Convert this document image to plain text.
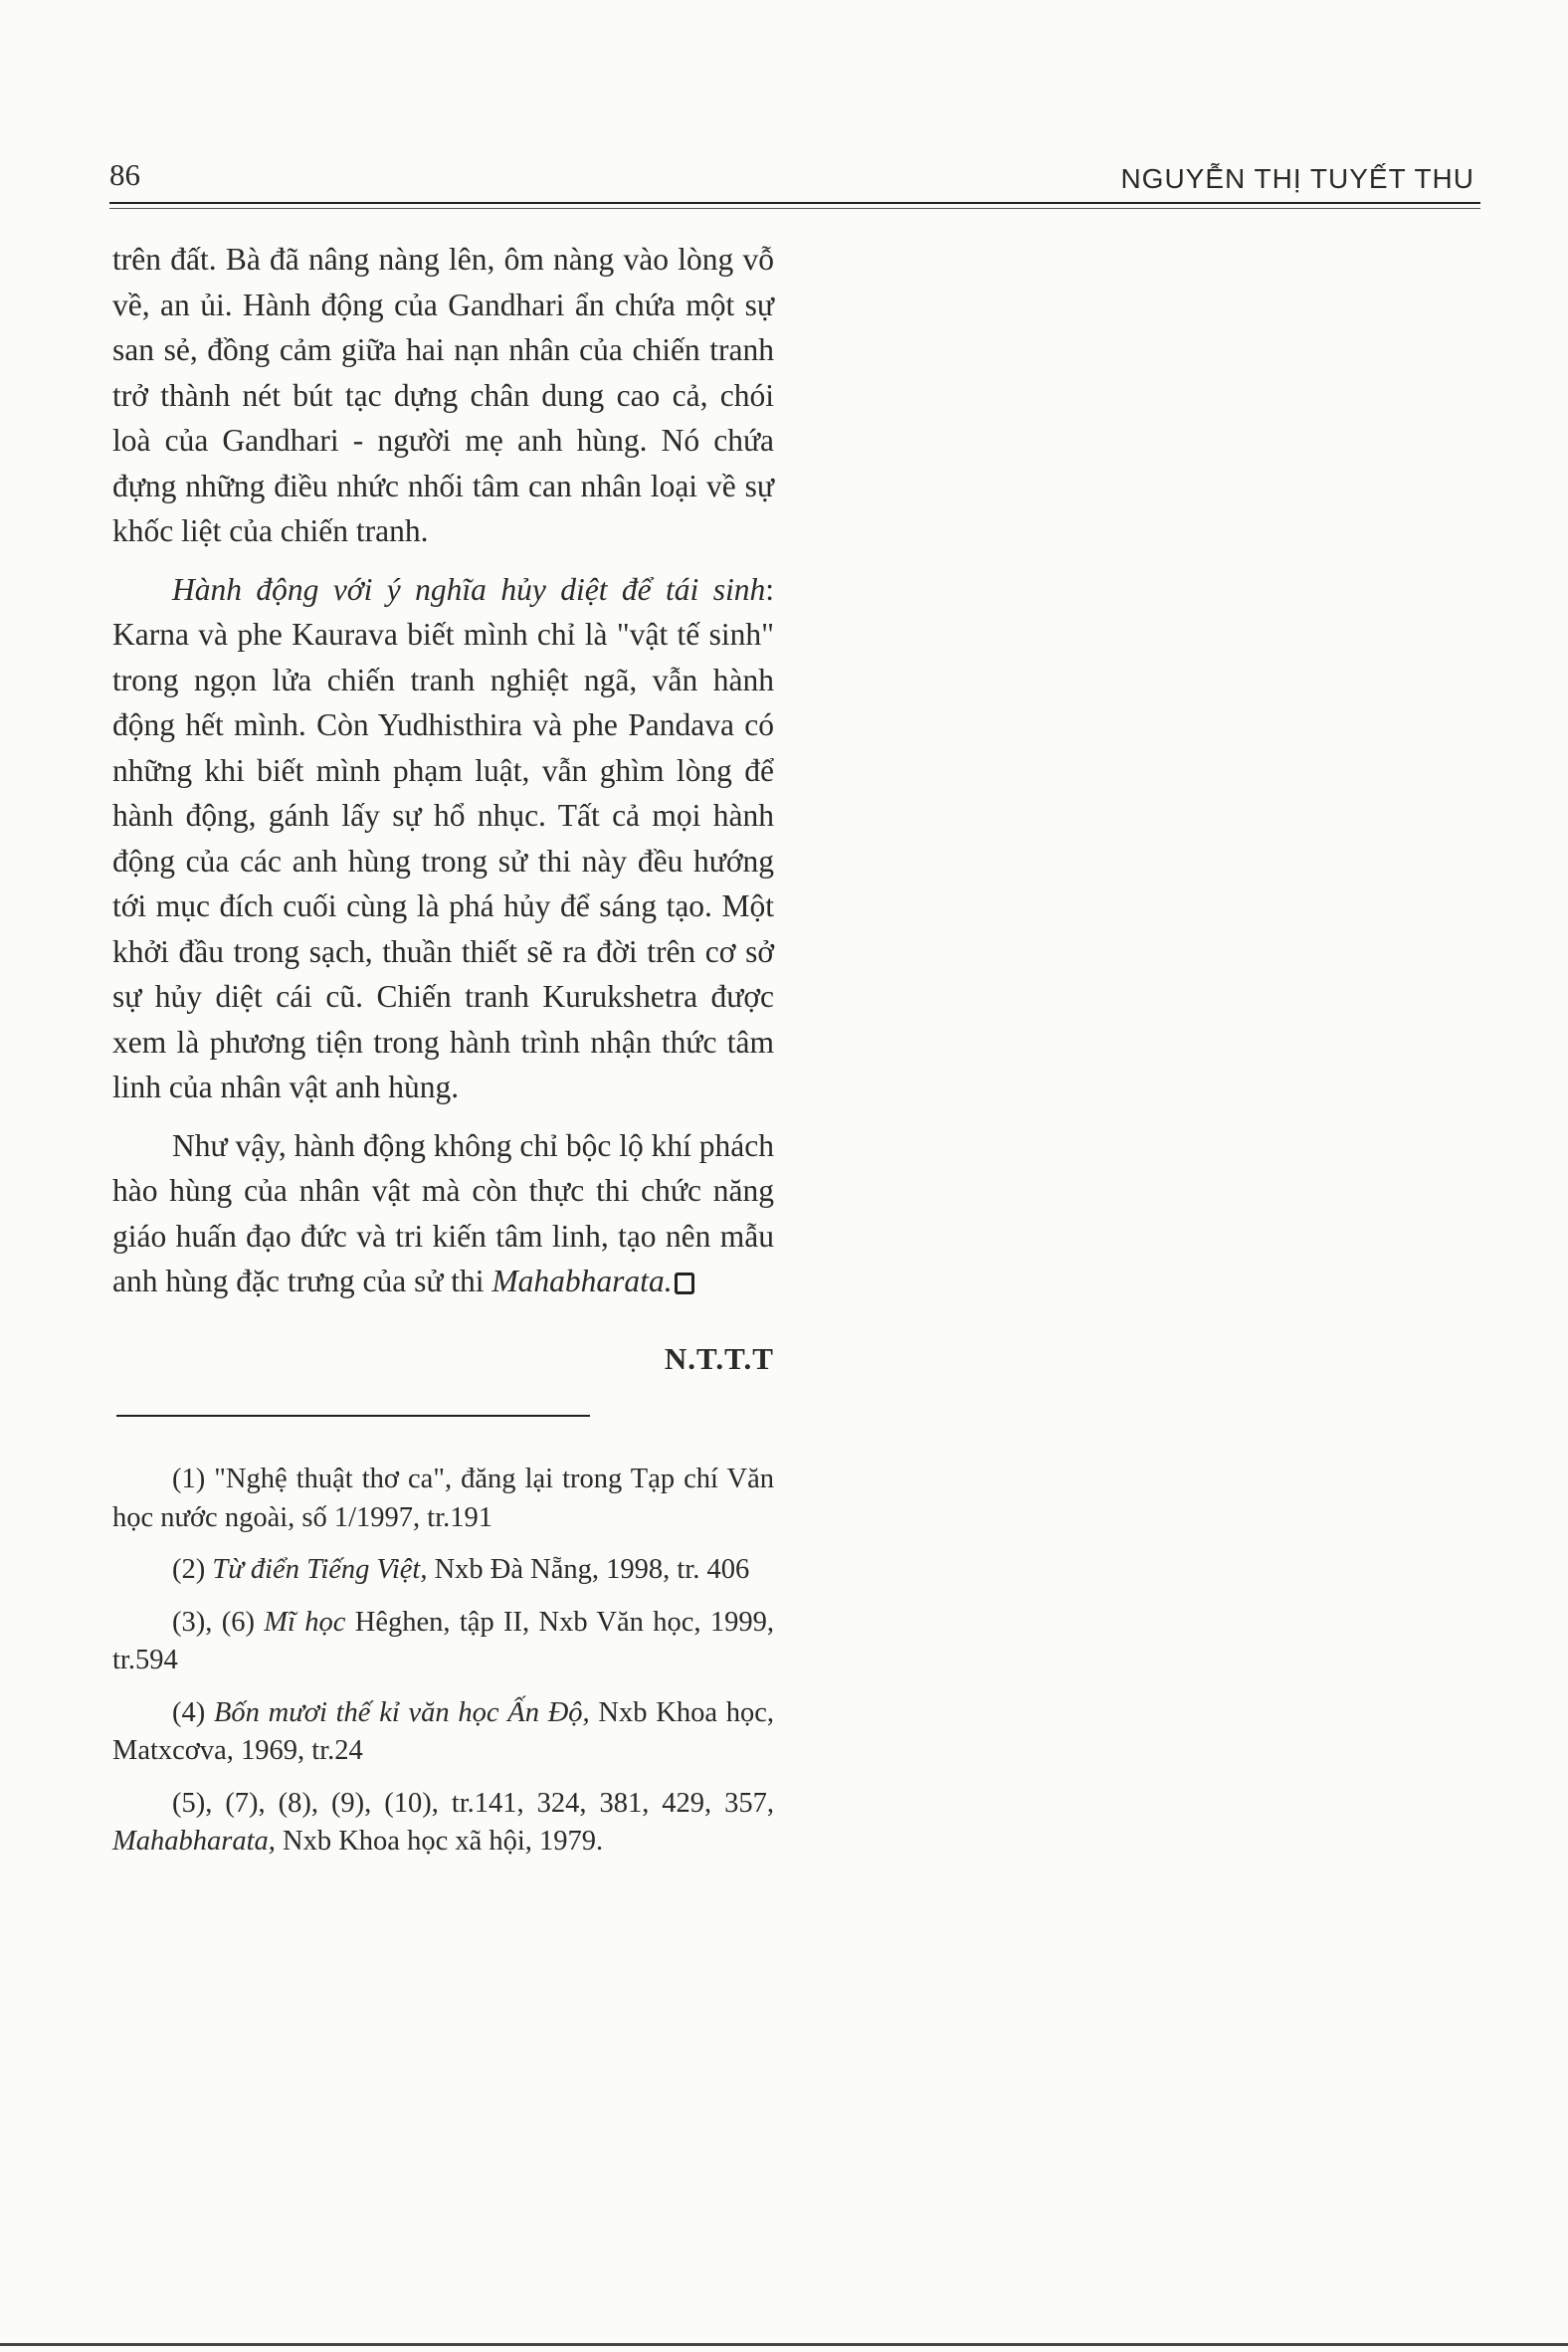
86	NGUYỄN THỊ TUYẾT THU

trên đất. Bà đã nâng nàng lên, ôm nàng vào lòng vỗ về, an ủi. Hành động của Gandhari ẩn chứa một sự san sẻ, đồng cảm giữa hai nạn nhân của chiến tranh trở thành nét bút tạc dựng chân dung cao cả, chói loà của Gandhari - người mẹ anh hùng. Nó chứa đựng những điều nhức nhối tâm can nhân loại về sự khốc liệt của chiến tranh.

Hành động với ý nghĩa hủy diệt để tái sinh: Karna và phe Kaurava biết mình chỉ là "vật tế sinh" trong ngọn lửa chiến tranh nghiệt ngã, vẫn hành động hết mình. Còn Yudhisthira và phe Pandava có những khi biết mình phạm luật, vẫn ghìm lòng để hành động, gánh lấy sự hổ nhục. Tất cả mọi hành động của các anh hùng trong sử thi này đều hướng tới mục đích cuối cùng là phá hủy để sáng tạo. Một khởi đầu trong sạch, thuần thiết sẽ ra đời trên cơ sở sự hủy diệt cái cũ. Chiến tranh Kurukshetra được xem là phương tiện trong hành trình nhận thức tâm linh của nhân vật anh hùng.

Như vậy, hành động không chỉ bộc lộ khí phách hào hùng của nhân vật mà còn thực thi chức năng giáo huấn đạo đức và tri kiến tâm linh, tạo nên mẫu anh hùng đặc trưng của sử thi Mahabharata.

N.T.T.T

(1) "Nghệ thuật thơ ca", đăng lại trong Tạp chí Văn học nước ngoài, số 1/1997, tr.191

(2) Từ điển Tiếng Việt, Nxb Đà Nẵng, 1998, tr. 406

(3), (6) Mĩ học Hêghen, tập II, Nxb Văn học, 1999, tr.594

(4) Bốn mươi thế kỉ văn học Ấn Độ, Nxb Khoa học, Matxcơva, 1969, tr.24

(5), (7), (8), (9), (10), tr.141, 324, 381, 429, 357, Mahabharata, Nxb Khoa học xã hội, 1979.
